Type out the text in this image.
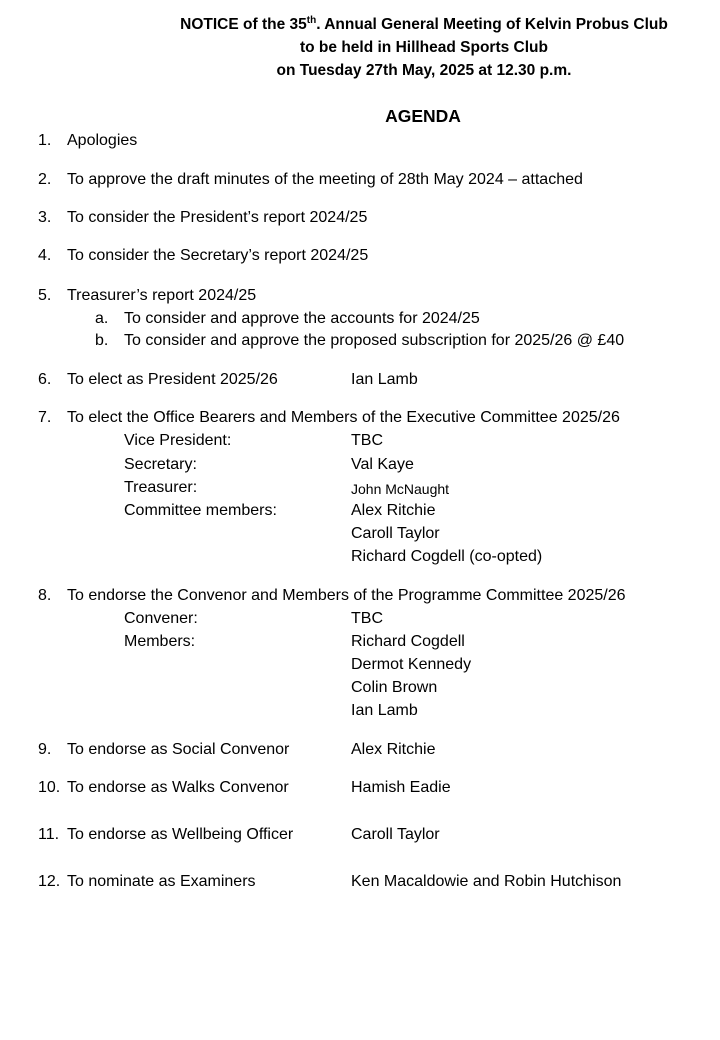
NOTICE of the 35th. Annual General Meeting of Kelvin Probus Club
to be held in Hillhead Sports Club
on Tuesday 27th May, 2025 at 12.30 p.m.
AGENDA
1. Apologies
2. To approve the draft minutes of the meeting of 28th May 2024 – attached
3. To consider the President’s report 2024/25
4. To consider the Secretary’s report 2024/25
5. Treasurer’s report 2024/25
a. To consider and approve the accounts for 2024/25
b. To consider and approve the proposed subscription for 2025/26 @ £40
6. To elect as President 2025/26	Ian Lamb
7. To elect the Office Bearers and Members of the Executive Committee 2025/26
Vice President:	TBC
Secretary:	Val Kaye
Treasurer:	John McNaught
Committee members:	Alex Ritchie
Caroll Taylor
Richard Cogdell (co-opted)
8. To endorse the Convenor and Members of the Programme Committee 2025/26
Convener:	TBC
Members:	Richard Cogdell
Dermot Kennedy
Colin Brown
Ian Lamb
9. To endorse as Social Convenor	Alex Ritchie
10. To endorse as Walks Convenor	Hamish Eadie
11. To endorse as Wellbeing Officer	Caroll Taylor
12. To nominate as Examiners	Ken Macaldowie and Robin Hutchison
